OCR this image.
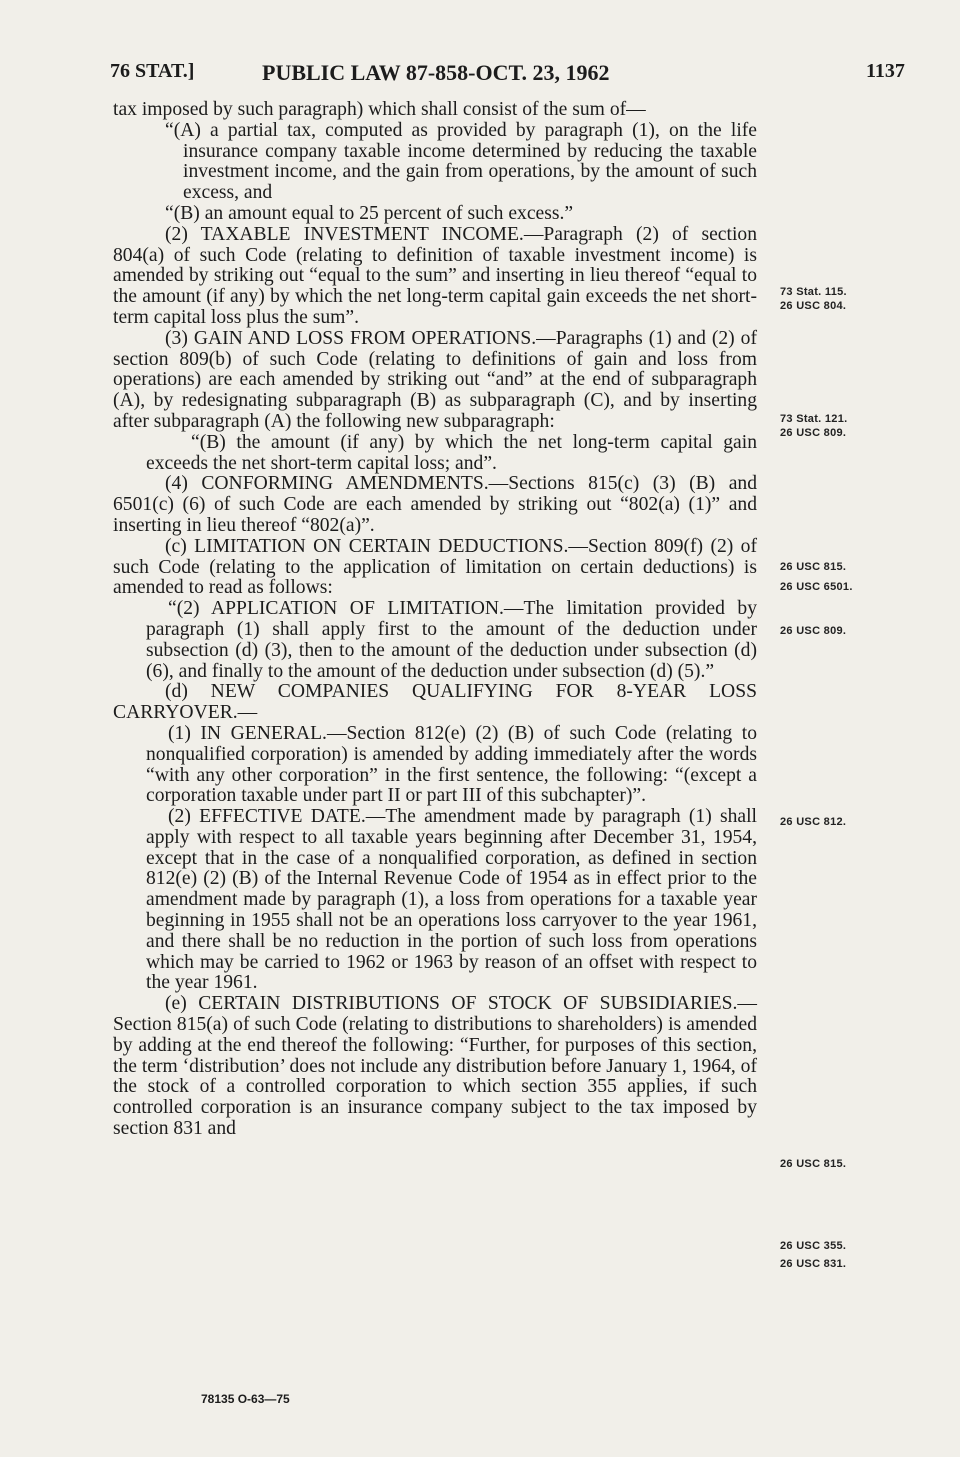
76 STAT.]	PUBLIC LAW 87-858-OCT. 23, 1962	1137

tax imposed by such paragraph) which shall consist of the sum of—

“(A) a partial tax, computed as provided by paragraph (1), on the life insurance company taxable income determined by reducing the taxable investment income, and the gain from operations, by the amount of such excess, and

“(B) an amount equal to 25 percent of such excess.”

(2) TAXABLE INVESTMENT INCOME.—Paragraph (2) of section 804(a) of such Code (relating to definition of taxable investment income) is amended by striking out “equal to the sum” and inserting in lieu thereof “equal to the amount (if any) by which the net long-term capital gain exceeds the net short-term capital loss plus the sum”.

(3) GAIN AND LOSS FROM OPERATIONS.—Paragraphs (1) and (2) of section 809(b) of such Code (relating to definitions of gain and loss from operations) are each amended by striking out “and” at the end of subparagraph (A), by redesignating subparagraph (B) as subparagraph (C), and by inserting after subparagraph (A) the following new subparagraph:

“(B) the amount (if any) by which the net long-term capital gain exceeds the net short-term capital loss; and”.

(4) CONFORMING AMENDMENTS.—Sections 815(c) (3) (B) and 6501(c) (6) of such Code are each amended by striking out “802(a) (1)” and inserting in lieu thereof “802(a)”.

(c) LIMITATION ON CERTAIN DEDUCTIONS.—Section 809(f) (2) of such Code (relating to the application of limitation on certain deductions) is amended to read as follows:

“(2) APPLICATION OF LIMITATION.—The limitation provided by paragraph (1) shall apply first to the amount of the deduction under subsection (d) (3), then to the amount of the deduction under subsection (d) (6), and finally to the amount of the deduction under subsection (d) (5).”

(d) NEW COMPANIES QUALIFYING FOR 8-YEAR LOSS CARRYOVER.—

(1) IN GENERAL.—Section 812(e) (2) (B) of such Code (relating to nonqualified corporation) is amended by adding immediately after the words “with any other corporation” in the first sentence, the following: “(except a corporation taxable under part II or part III of this subchapter)”.

(2) EFFECTIVE DATE.—The amendment made by paragraph (1) shall apply with respect to all taxable years beginning after December 31, 1954, except that in the case of a nonqualified corporation, as defined in section 812(e) (2) (B) of the Internal Revenue Code of 1954 as in effect prior to the amendment made by paragraph (1), a loss from operations for a taxable year beginning in 1955 shall not be an operations loss carryover to the year 1961, and there shall be no reduction in the portion of such loss from operations which may be carried to 1962 or 1963 by reason of an offset with respect to the year 1961.

(e) CERTAIN DISTRIBUTIONS OF STOCK OF SUBSIDIARIES.—Section 815(a) of such Code (relating to distributions to shareholders) is amended by adding at the end thereof the following: “Further, for purposes of this section, the term ‘distribution’ does not include any distribution before January 1, 1964, of the stock of a controlled corporation to which section 355 applies, if such controlled corporation is an insurance company subject to the tax imposed by section 831 and

73 Stat. 115.
26 USC 804.
73 Stat. 121.
26 USC 809.
26 USC 815.
26 USC 6501.
26 USC 809.
26 USC 812.
26 USC 815.
26 USC 355.
26 USC 831.
78135 O-63—75
